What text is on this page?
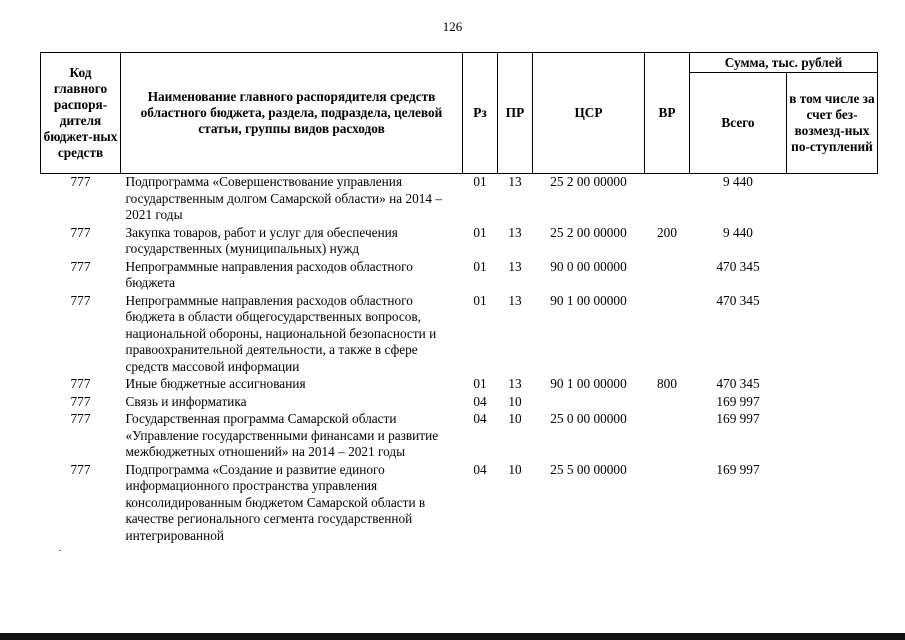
126
Код главного распоря-дителя бюджет-ных средств	Наименование главного распорядителя средств областного бюджета, раздела, подраздела, целевой статьи, группы видов расходов	Рз	ПР	ЦСР	ВР	Сумма, тыс. рублей	
						Всего	в том числе за счет без-возмезд-ных по-ступлений
777	Подпрограмма «Совершенствование управления государственным долгом Самарской области» на 2014 – 2021 годы	01	13	25 2 00 00000		9 440	
777	Закупка товаров, работ и услуг для обеспечения государственных (муниципальных) нужд	01	13	25 2 00 00000	200	9 440	
777	Непрограммные направления расходов областного бюджета	01	13	90 0 00 00000		470 345	
777	Непрограммные направления расходов областного бюджета в области общегосударственных вопросов, национальной обороны, национальной безопасности и правоохранительной деятельности, а также в сфере средств массовой информации	01	13	90 1 00 00000		470 345	
777	Иные бюджетные ассигнования	01	13	90 1 00 00000	800	470 345	
777	Связь и информатика	04	10			169 997	
777	Государственная программа Самарской области «Управление государственными финансами и развитие межбюджетных отношений» на 2014 – 2021 годы	04	10	25 0 00 00000		169 997	
777	Подпрограмма «Создание и развитие единого информационного пространства управления консолидированным бюджетом Самарской области в качестве регионального сегмента государственной интегрированной	04	10	25 5 00 00000		169 997	
